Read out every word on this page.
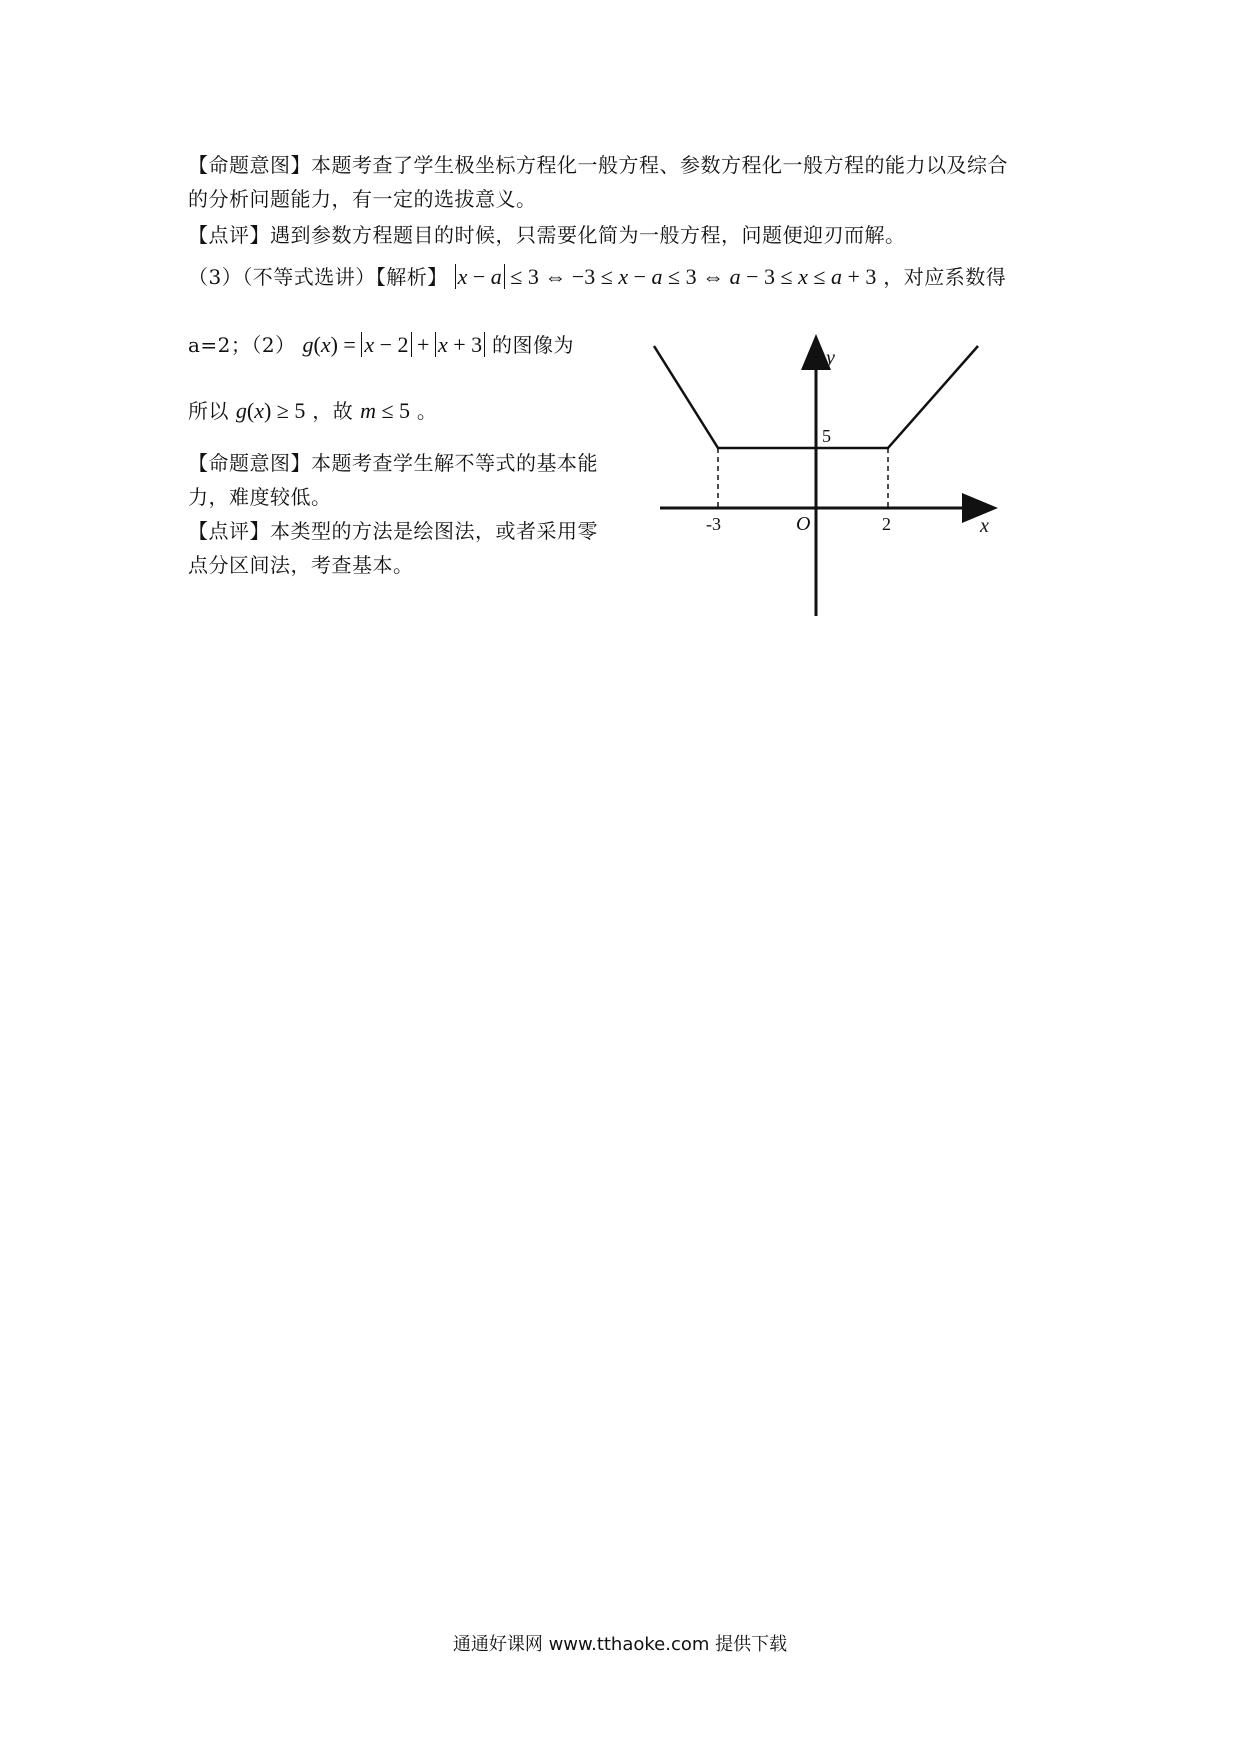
【命题意图】本题考查了学生极坐标方程化一般方程、参数方程化一般方程的能力以及综合
的分析问题能力，有一定的选拔意义。
【点评】遇到参数方程题目的时候，只需要化简为一般方程，问题便迎刃而解。
（3）（不等式选讲）【解析】 x − a ≤ 3 ⇔ −3 ≤ x − a ≤ 3 ⇔ a − 3 ≤ x ≤ a + 3 ，对应系数得
a=2；（2） g(x) = x − 2 + x + 3 的图像为
所以 g(x) ≥ 5 ，故 m ≤ 5 。
【命题意图】本题考查学生解不等式的基本能
力，难度较低。
【点评】本类型的方法是绘图法，或者采用零
点分区间法，考查基本。
y
x
O
-3	2
5
通通好课网 www.tthaoke.com 提供下载
